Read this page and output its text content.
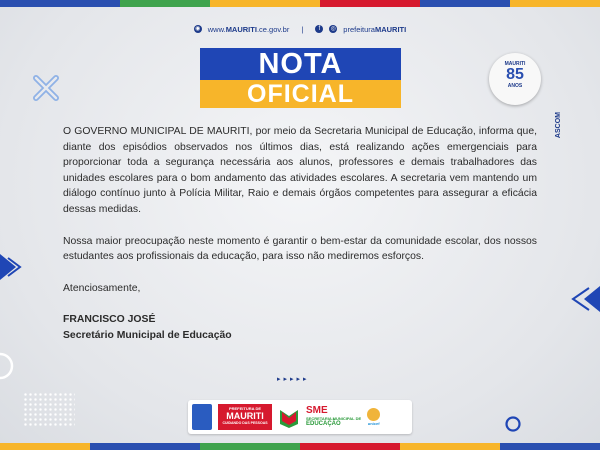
◉ www.MAURITI.ce.gov.br |	f	◎ prefeituraMAURITI
NOTA
OFICIAL
MAURITI
85
ANOS
ASCOM

O GOVERNO MUNICIPAL DE MAURITI, por meio da Secretaria Municipal de Educação, informa que, diante dos episódios observados nos últimos dias, está realizando ações emergenciais para proporcionar toda a segurança necessária aos alunos, professores e demais trabalhadores das unidades escolares para o bom andamento das atividades escolares. A secretaria vem mantendo um diálogo contínuo junto à Polícia Militar, Raio e demais órgãos competentes para assegurar a eficácia dessas medidas.

Nossa maior preocupação neste momento é garantir o bem-estar da comunidade escolar, dos nossos estudantes aos profissionais da educação, para isso não mediremos esforços.

Atenciosamente,

FRANCISCO JOSÉ

Secretário Municipal de Educação

▸▸▸▸▸
PREFEITURA DE
MAURITI
CUIDANDO DAS PESSOAS
SME
SECRETARIA MUNICIPAL DE
EDUCAÇÃO	unicef
